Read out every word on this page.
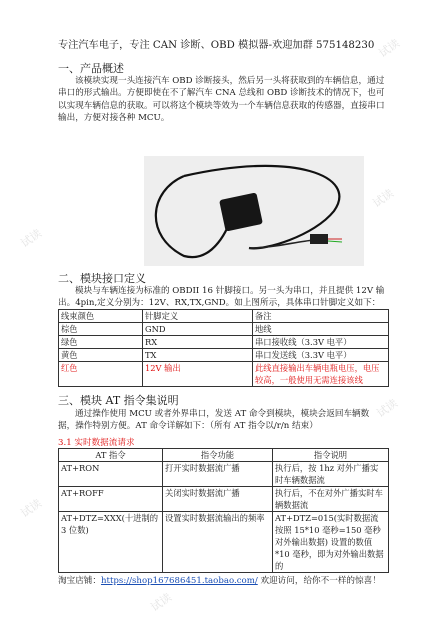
试读
试读
试读
试读
试读
试读
专注汽车电子，专注 CAN 诊断、OBD 模拟器-欢迎加群 575148230
一、产品概述
该模块实现一头连接汽车 OBD 诊断接头，然后另一头将获取到的车辆信息，通过串口的形式输出。方便即使在不了解汽车 CNA 总线和 OBD 诊断技术的情况下，也可以实现车辆信息的获取。可以将这个模块等效为一个车辆信息获取的传感器，直接串口输出，方便对接各种 MCU。
二、模块接口定义
模块与车辆连接为标准的 OBDII 16 针脚接口。另一头为串口，并且提供 12V 输出。4pin,定义分别为：12V、RX,TX,GND。如上图所示，具体串口针脚定义如下：
线束颜色	针脚定义	备注
棕色	GND	地线
绿色	RX	串口接收线（3.3V 电平）
黄色	TX	串口发送线（3.3V 电平）
红色	12V 输出	此线直接输出车辆电瓶电压，电压较高，一般使用无需连接该线
三、模块 AT 指令集说明
通过操作使用 MCU 或者外界串口，发送 AT 命令到模块，模块会返回车辆数据，操作特别方便。AT 命令详解如下：（所有 AT 指令以/r/n 结束）
3.1 实时数据流请求
AT 指令	指令功能	指令说明
AT+RON	打开实时数据流广播	执行后，按 1hz 对外广播实时车辆数据流
AT+ROFF	关闭实时数据流广播	执行后，不在对外广播实时车辆数据流
AT+DTZ=XXX(十进制的 3 位数)	设置实时数据流输出的频率	AT+DTZ=015(实时数据流按照 15*10 毫秒=150 毫秒对外输出数据) 设置的数值*10 毫秒，即为对外输出数据的
淘宝店铺：https://shop167686451.taobao.com/ 欢迎访问，给你不一样的惊喜！
